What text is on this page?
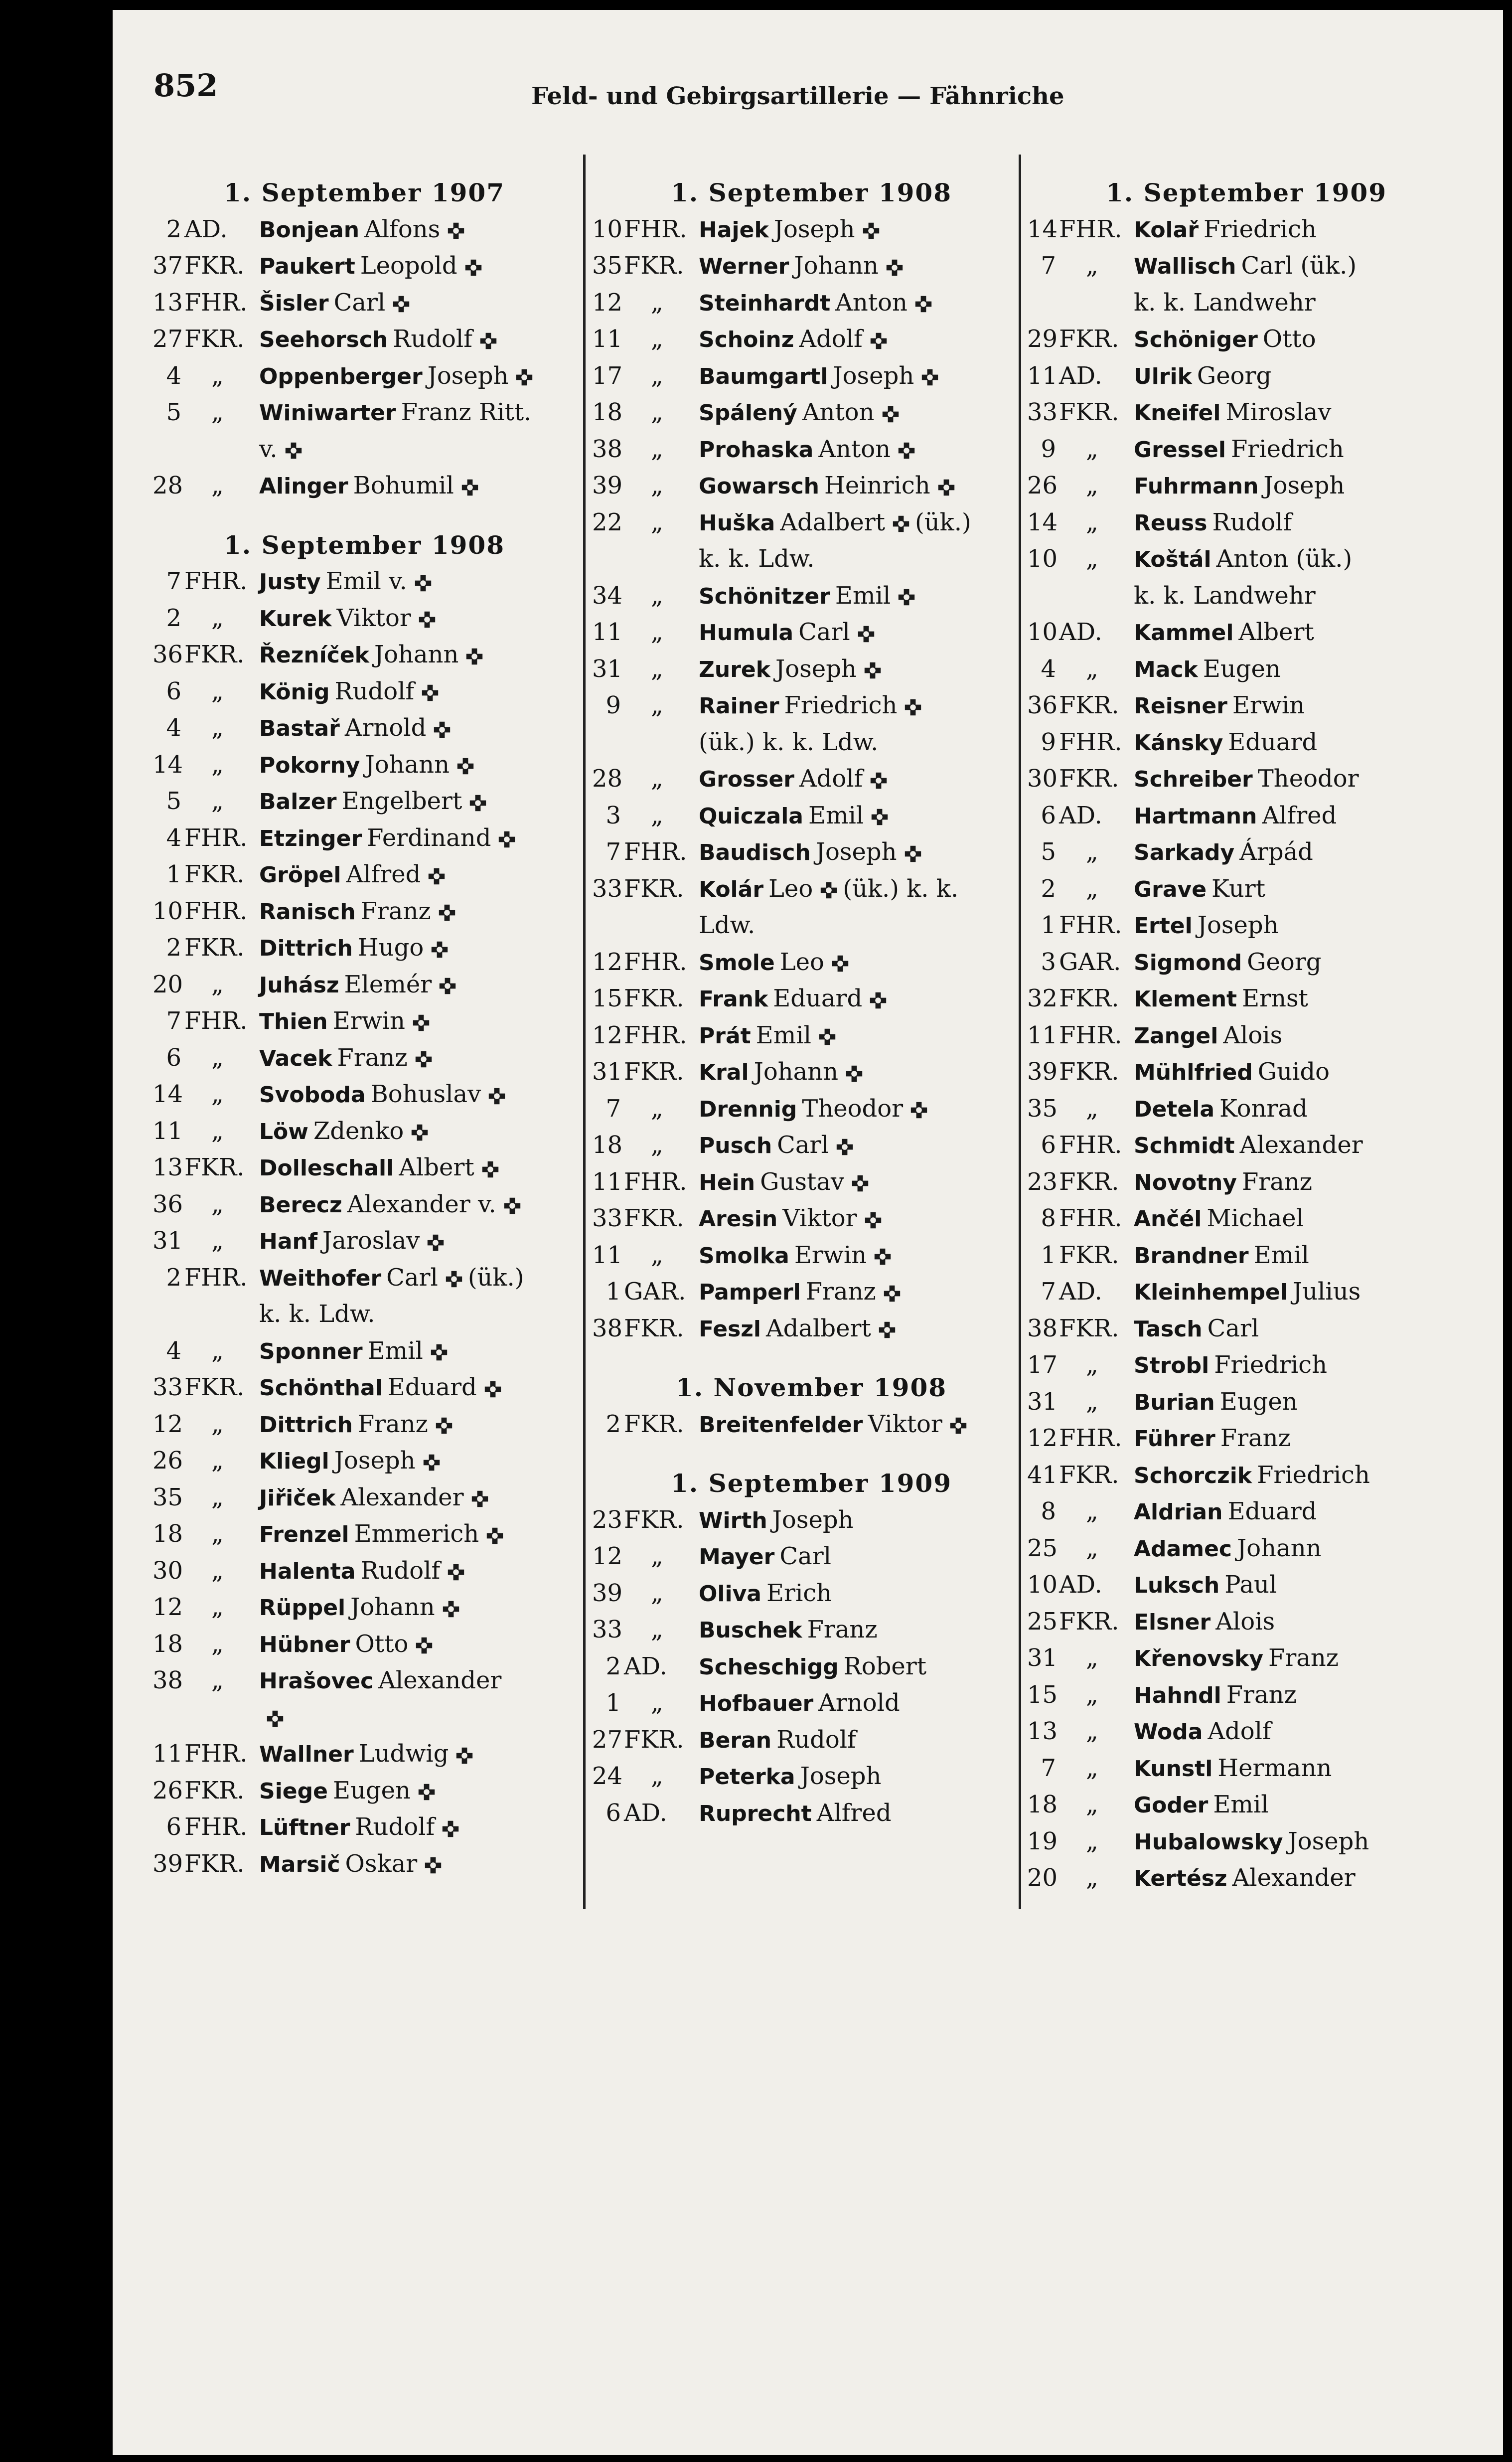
852	Feld- und Gebirgsartillerie — Fähnriche
1. September 1907
2 AD. Bonjean Alfons
37 FKR. Paukert Leopold
13 FHR. Šisler Carl
27 FKR. Seehorsch Rudolf
4 „ Oppenberger Joseph
5 „ Winiwarter Franz Ritt.
v.
28 „ Alinger Bohumil
1. September 1908
7 FHR. Justy Emil v.
2 „ Kurek Viktor
36 FKR. Řezníček Johann
6 „ König Rudolf
4 „ Bastař Arnold
14 „ Pokorny Johann
5 „ Balzer Engelbert
4 FHR. Etzinger Ferdinand
1 FKR. Gröpel Alfred
10 FHR. Ranisch Franz
2 FKR. Dittrich Hugo
20 „ Juhász Elemér
7 FHR. Thien Erwin
6 „ Vacek Franz
14 „ Svoboda Bohuslav
11 „ Löw Zdenko
13 FKR. Dolleschall Albert
36 „ Berecz Alexander v.
31 „ Hanf Jaroslav
2 FHR. Weithofer Carl (ük.)
k. k. Ldw.
4 „ Sponner Emil
33 FKR. Schönthal Eduard
12 „ Dittrich Franz
26 „ Kliegl Joseph
35 „ Jiřiček Alexander
18 „ Frenzel Emmerich
30 „ Halenta Rudolf
12 „ Rüppel Johann
18 „ Hübner Otto
38 „ Hrašovec Alexander
11 FHR. Wallner Ludwig
26 FKR. Siege Eugen
6 FHR. Lüftner Rudolf
39 FKR. Marsič Oskar
1. September 1908
10 FHR. Hajek Joseph
35 FKR. Werner Johann
12 „ Steinhardt Anton
11 „ Schoinz Adolf
17 „ Baumgartl Joseph
18 „ Spálený Anton
38 „ Prohaska Anton
39 „ Gowarsch Heinrich
22 „ Huška Adalbert (ük.)
k. k. Ldw.
34 „ Schönitzer Emil
11 „ Humula Carl
31 „ Zurek Joseph
9 „ Rainer Friedrich
(ük.) k. k. Ldw.
28 „ Grosser Adolf
3 „ Quiczala Emil
7 FHR. Baudisch Joseph
33 FKR. Kolár Leo (ük.) k. k.
Ldw.
12 FHR. Smole Leo
15 FKR. Frank Eduard
12 FHR. Prát Emil
31 FKR. Kral Johann
7 „ Drennig Theodor
18 „ Pusch Carl
11 FHR. Hein Gustav
33 FKR. Aresin Viktor
11 „ Smolka Erwin
1 GAR. Pamperl Franz
38 FKR. Feszl Adalbert
1. November 1908
2 FKR. Breitenfelder Viktor
1. September 1909
23 FKR. Wirth Joseph
12 „ Mayer Carl
39 „ Oliva Erich
33 „ Buschek Franz
2 AD. Scheschigg Robert
1 „ Hofbauer Arnold
27 FKR. Beran Rudolf
24 „ Peterka Joseph
6 AD. Ruprecht Alfred
1. September 1909
14 FHR. Kolař Friedrich
7 „ Wallisch Carl (ük.)
k. k. Landwehr
29 FKR. Schöniger Otto
11 AD. Ulrik Georg
33 FKR. Kneifel Miroslav
9 „ Gressel Friedrich
26 „ Fuhrmann Joseph
14 „ Reuss Rudolf
10 „ Koštál Anton (ük.)
k. k. Landwehr
10 AD. Kammel Albert
4 „ Mack Eugen
36 FKR. Reisner Erwin
9 FHR. Kánsky Eduard
30 FKR. Schreiber Theodor
6 AD. Hartmann Alfred
5 „ Sarkady Árpád
2 „ Grave Kurt
1 FHR. Ertel Joseph
3 GAR. Sigmond Georg
32 FKR. Klement Ernst
11 FHR. Zangel Alois
39 FKR. Mühlfried Guido
35 „ Detela Konrad
6 FHR. Schmidt Alexander
23 FKR. Novotny Franz
8 FHR. Ančél Michael
1 FKR. Brandner Emil
7 AD. Kleinhempel Julius
38 FKR. Tasch Carl
17 „ Strobl Friedrich
31 „ Burian Eugen
12 FHR. Führer Franz
41 FKR. Schorczik Friedrich
8 „ Aldrian Eduard
25 „ Adamec Johann
10 AD. Luksch Paul
25 FKR. Elsner Alois
31 „ Křenovsky Franz
15 „ Hahndl Franz
13 „ Woda Adolf
7 „ Kunstl Hermann
18 „ Goder Emil
19 „ Hubalowsky Joseph
20 „ Kertész Alexander
